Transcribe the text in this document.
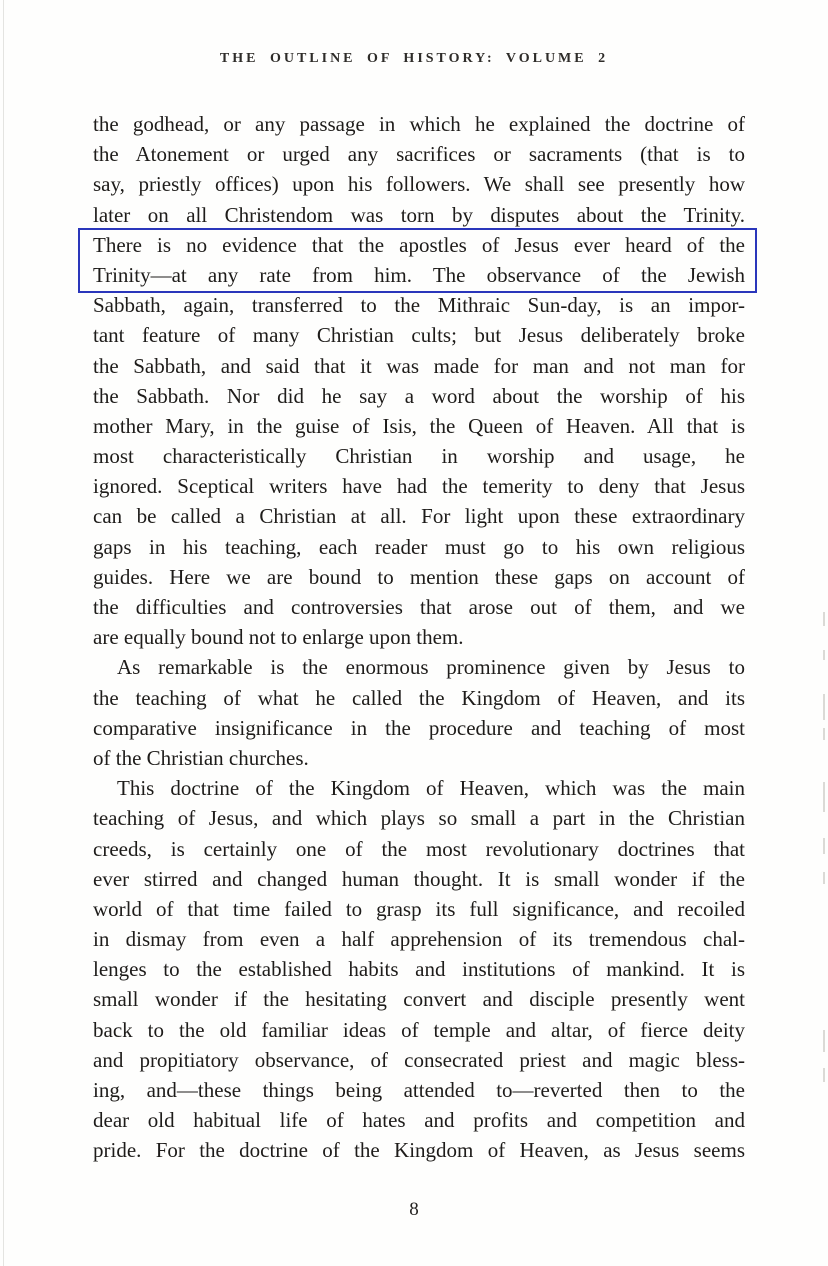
THE OUTLINE OF HISTORY: VOLUME 2
the godhead, or any passage in which he explained the doctrine of
the Atonement or urged any sacrifices or sacraments (that is to
say, priestly offices) upon his followers. We shall see presently how
later on all Christendom was torn by disputes about the Trinity.
There is no evidence that the apostles of Jesus ever heard of the
Trinity—at any rate from him. The observance of the Jewish
Sabbath, again, transferred to the Mithraic Sun-day, is an impor-
tant feature of many Christian cults; but Jesus deliberately broke
the Sabbath, and said that it was made for man and not man for
the Sabbath. Nor did he say a word about the worship of his
mother Mary, in the guise of Isis, the Queen of Heaven. All that is
most characteristically Christian in worship and usage, he
ignored. Sceptical writers have had the temerity to deny that Jesus
can be called a Christian at all. For light upon these extraordinary
gaps in his teaching, each reader must go to his own religious
guides. Here we are bound to mention these gaps on account of
the difficulties and controversies that arose out of them, and we
are equally bound not to enlarge upon them.
As remarkable is the enormous prominence given by Jesus to
the teaching of what he called the Kingdom of Heaven, and its
comparative insignificance in the procedure and teaching of most
of the Christian churches.
This doctrine of the Kingdom of Heaven, which was the main
teaching of Jesus, and which plays so small a part in the Christian
creeds, is certainly one of the most revolutionary doctrines that
ever stirred and changed human thought. It is small wonder if the
world of that time failed to grasp its full significance, and recoiled
in dismay from even a half apprehension of its tremendous chal-
lenges to the established habits and institutions of mankind. It is
small wonder if the hesitating convert and disciple presently went
back to the old familiar ideas of temple and altar, of fierce deity
and propitiatory observance, of consecrated priest and magic bless-
ing, and—these things being attended to—reverted then to the
dear old habitual life of hates and profits and competition and
pride. For the doctrine of the Kingdom of Heaven, as Jesus seems
8
